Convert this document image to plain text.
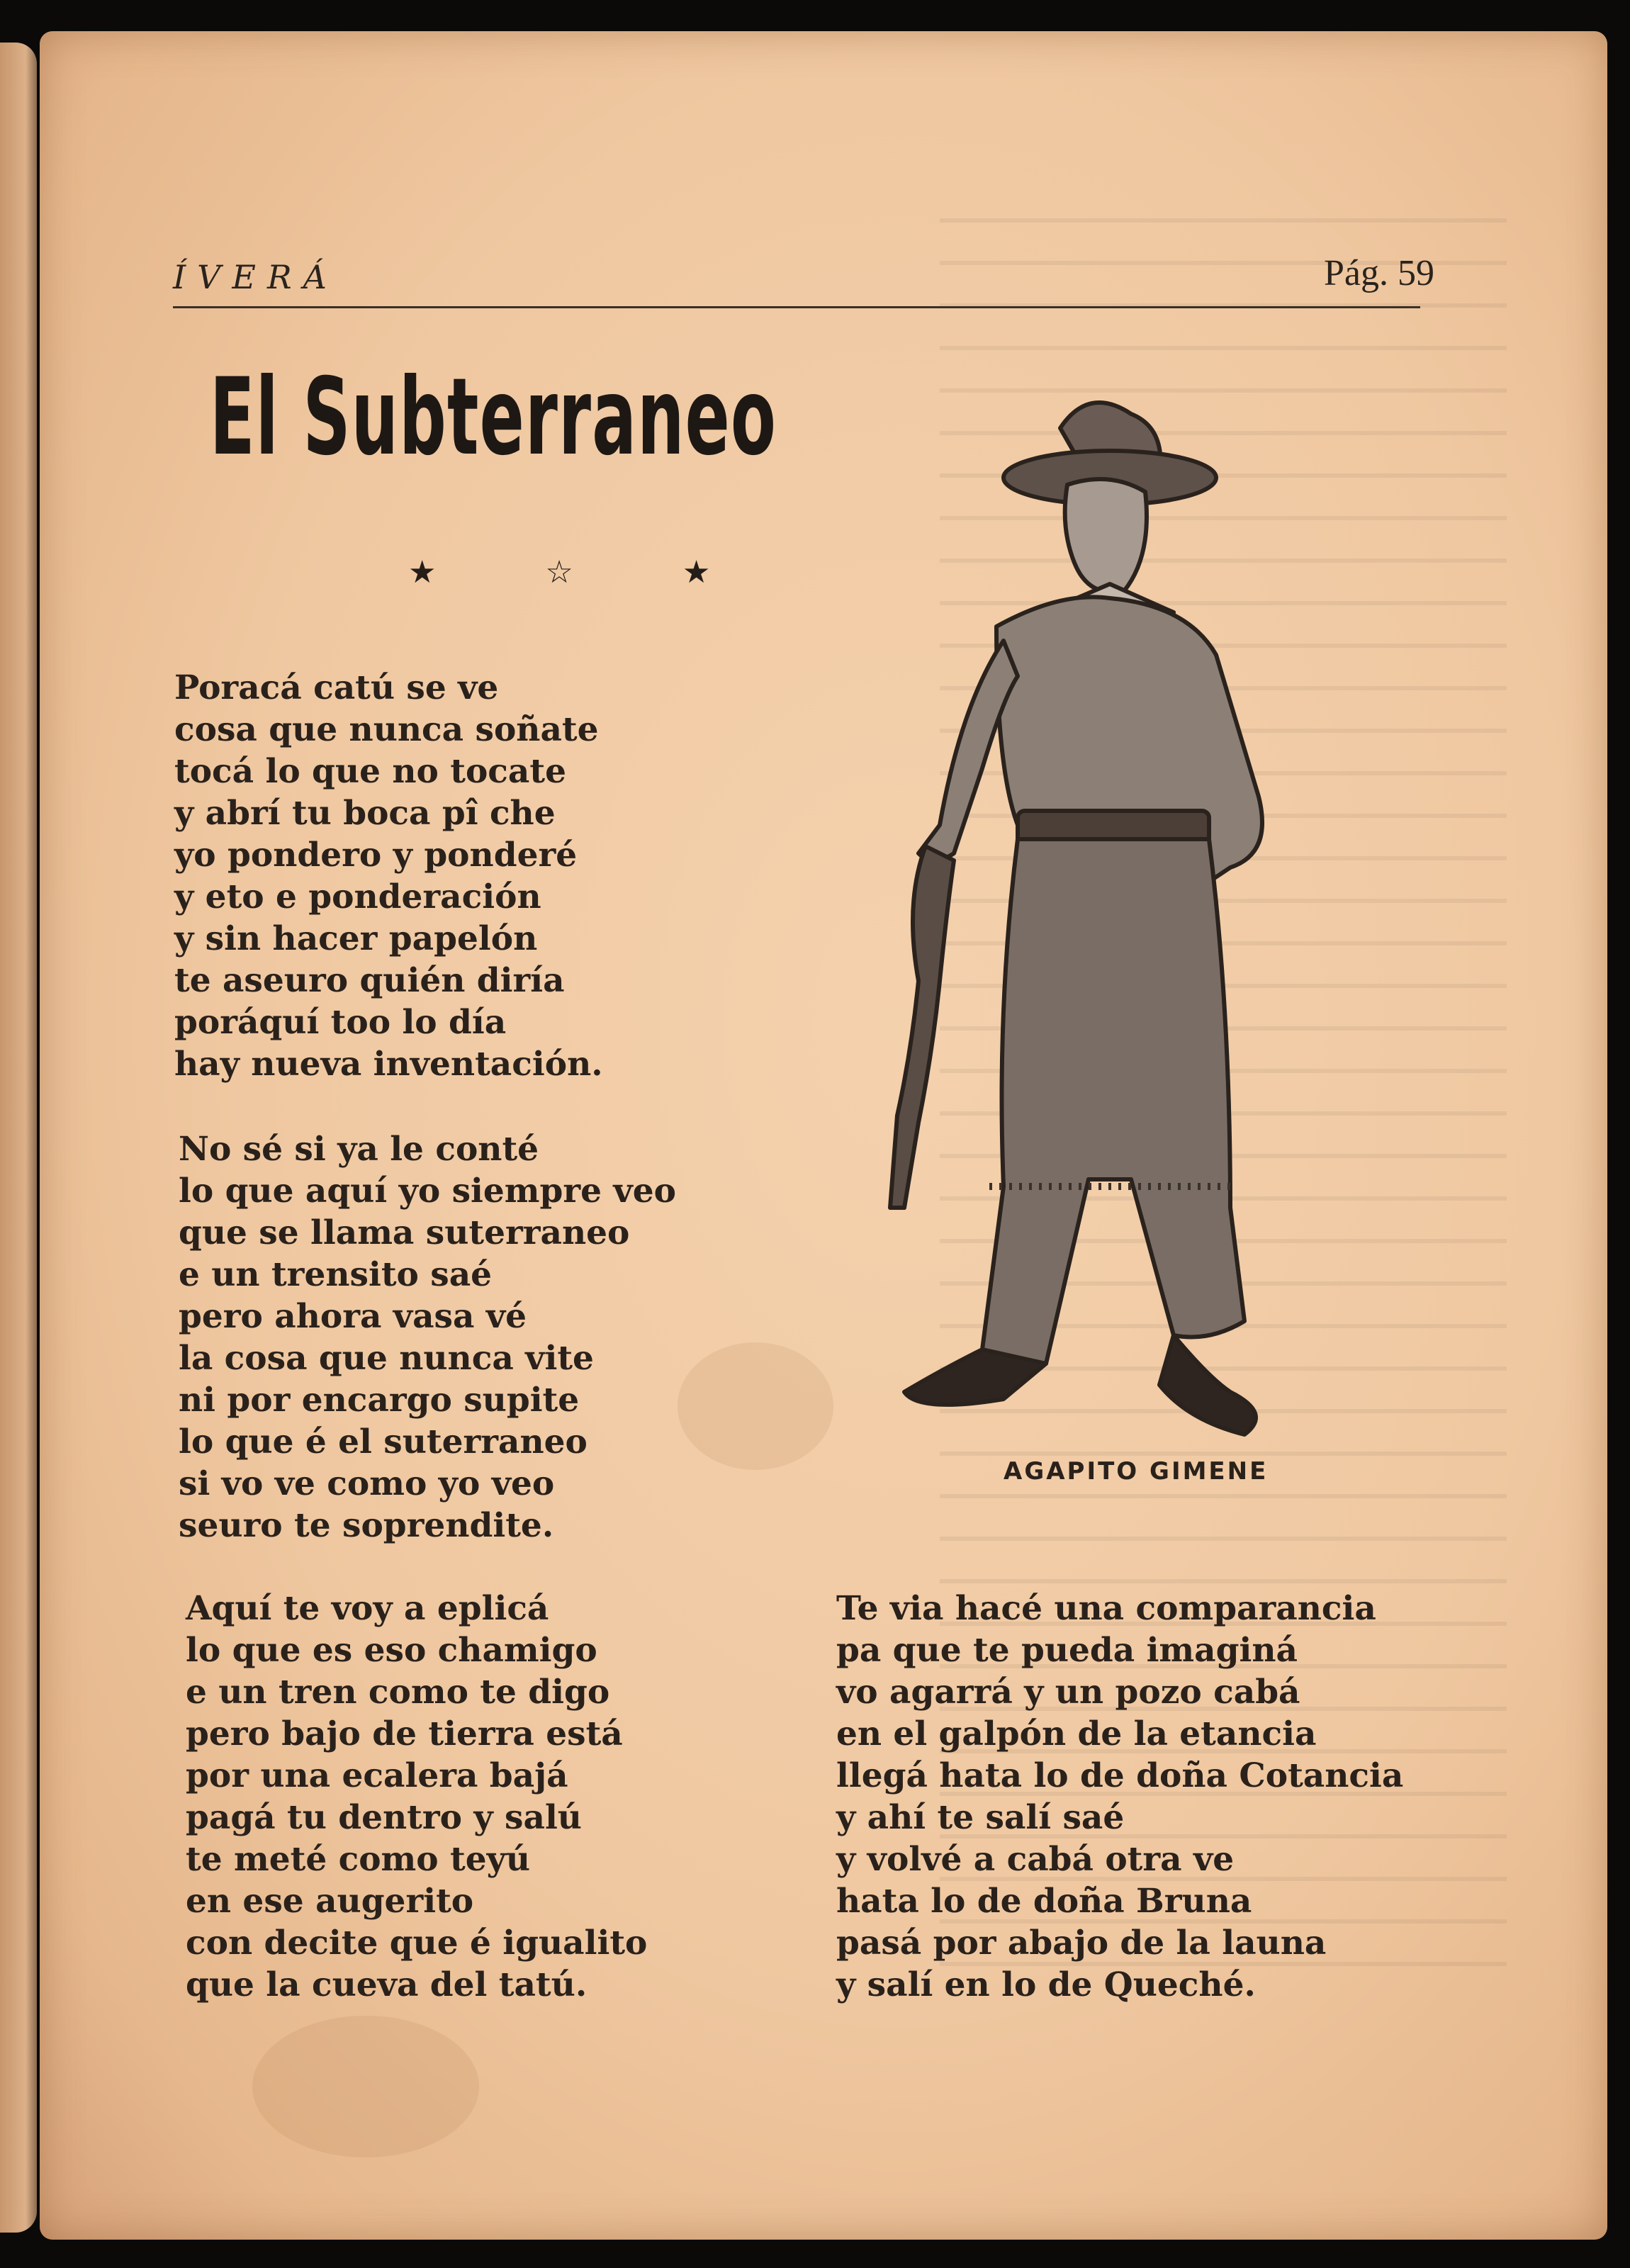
ÍVERÁ	Pág. 59
El Subterraneo
★ ☆ ★
Poracá catú se ve
cosa que nunca soñate
tocá lo que no tocate
y abrí tu boca pî che
yo pondero y ponderé
y eto e ponderación
y sin hacer papelón
te aseuro quién diría
poráquí too lo día
hay nueva inventación.
No sé si ya le conté
lo que aquí yo siempre veo
que se llama suterraneo
e un trensito saé
pero ahora vasa vé
la cosa que nunca vite
ni por encargo supite
lo que é el suterraneo
si vo ve como yo veo
seuro te soprendite.
Aquí te voy a eplicá
lo que es eso chamigo
e un tren como te digo
pero bajo de tierra está
por una ecalera bajá
pagá tu dentro y salú
te meté como teyú
en ese augerito
con decite que é igualito
que la cueva del tatú.
Te via hacé una comparancia
pa que te pueda imaginá
vo agarrá y un pozo cabá
en el galpón de la etancia
llegá hata lo de doña Cotancia
y ahí te salí saé
y volvé a cabá otra ve
hata lo de doña Bruna
pasá por abajo de la launa
y salí en lo de Queché.
AGAPITO GIMENE
